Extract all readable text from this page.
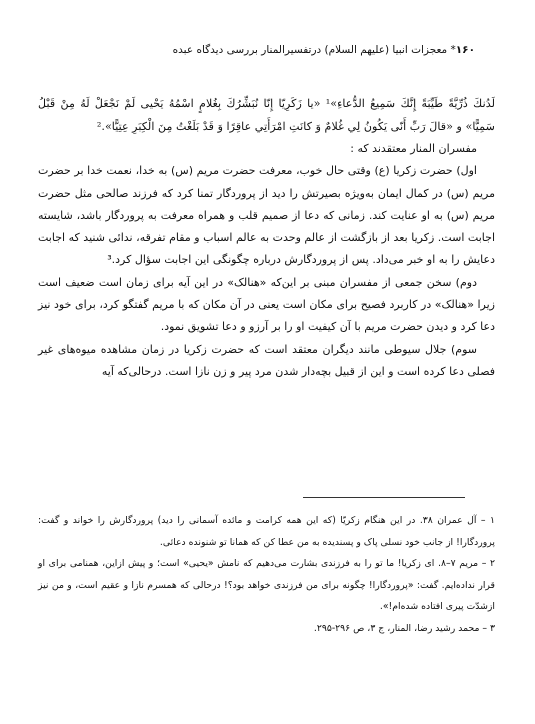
۱۶۰* معجزات انبیا (علیهم السلام) درتفسیرالمنار بررسی دیدگاه عبده

لَدُنكَ ذُرِّيَّةً طَيِّبَةً إِنَّكَ سَمِيعُ الدُّعاءِ»¹ «يا زَكَرِيّا إِنّا نُبَشِّرُكَ بِغُلامٍ اسْمُهُ يَحْيى لَمْ نَجْعَلْ لَهُ مِنْ قَبْلُ سَمِيًّا» و «قالَ رَبِّ أَنّى يَكُونُ لِي غُلامٌ وَ كانَتِ امْرَأَتِي عاقِرًا وَ قَدْ بَلَغْتُ مِنَ الْكِبَرِ عِتِيًّا».²

مفسران المنار معتقدند که :

اول) حضرت زکریا (ع) وقتی حال خوب، معرفت حضرت مریم (س) به خدا، نعمت خدا بر حضرت مریم (س) در کمال ایمان به‌ویژه بصیرتش را دید از پروردگار تمنا کرد که فرزند صالحی مثل حضرت مریم (س) به او عنایت کند. زمانی که دعا از صمیم قلب و همراه معرفت به پروردگار باشد، شایسته اجابت است. زکریا بعد از بازگشت از عالم وحدت به عالم اسباب و مقام تفرقه، ندائی شنید که اجابت دعایش را به او خبر می‌داد. پس از پروردگارش درباره چگونگی این اجابت سؤال کرد.³

دوم) سخن جمعی از مفسران مبنی بر این‌که «هنالک» در این آیه برای زمان است ضعیف است زیرا «هنالک» در کاربرد فصیح برای مکان است یعنی در آن مکان که با مریم گفتگو کرد، برای خود نیز دعا کرد و دیدن حضرت مریم با آن کیفیت او را بر آرزو و دعا تشویق نمود.

سوم) جلال سیوطی مانند دیگران معتقد است که حضرت زکریا در زمان مشاهده میوه‌های غیر فصلی دعا کرده است و این از قبیل بچه‌دار شدن مرد پیر و زن نازا است. درحالی‌که آیه

۱ – آل عمران ۳۸. در این هنگام زکریّا (که این همه کرامت و مائده آسمانی را دید) پروردگارش را خواند و گفت: پروردگارا! از جانب خود نسلی پاک و پسندیده به من عطا کن که همانا تو شنونده دعائی.

۲ – مریم ۷–۸. ای زکریا! ما تو را به فرزندی بشارت می‌دهیم که نامش «یحیی» است؛ و پیش ازاین، همنامی برای او قرار نداده‌ایم. گفت: «پروردگارا! چگونه برای من فرزندی خواهد بود؟! درحالی که همسرم نازا و عقیم است، و من نیز ازشدّت پیری افتاده شده‌ام!».

۳ – محمد رشید رضا، المنار، ج ۳، ص ۲۹۶-۲۹۵.
